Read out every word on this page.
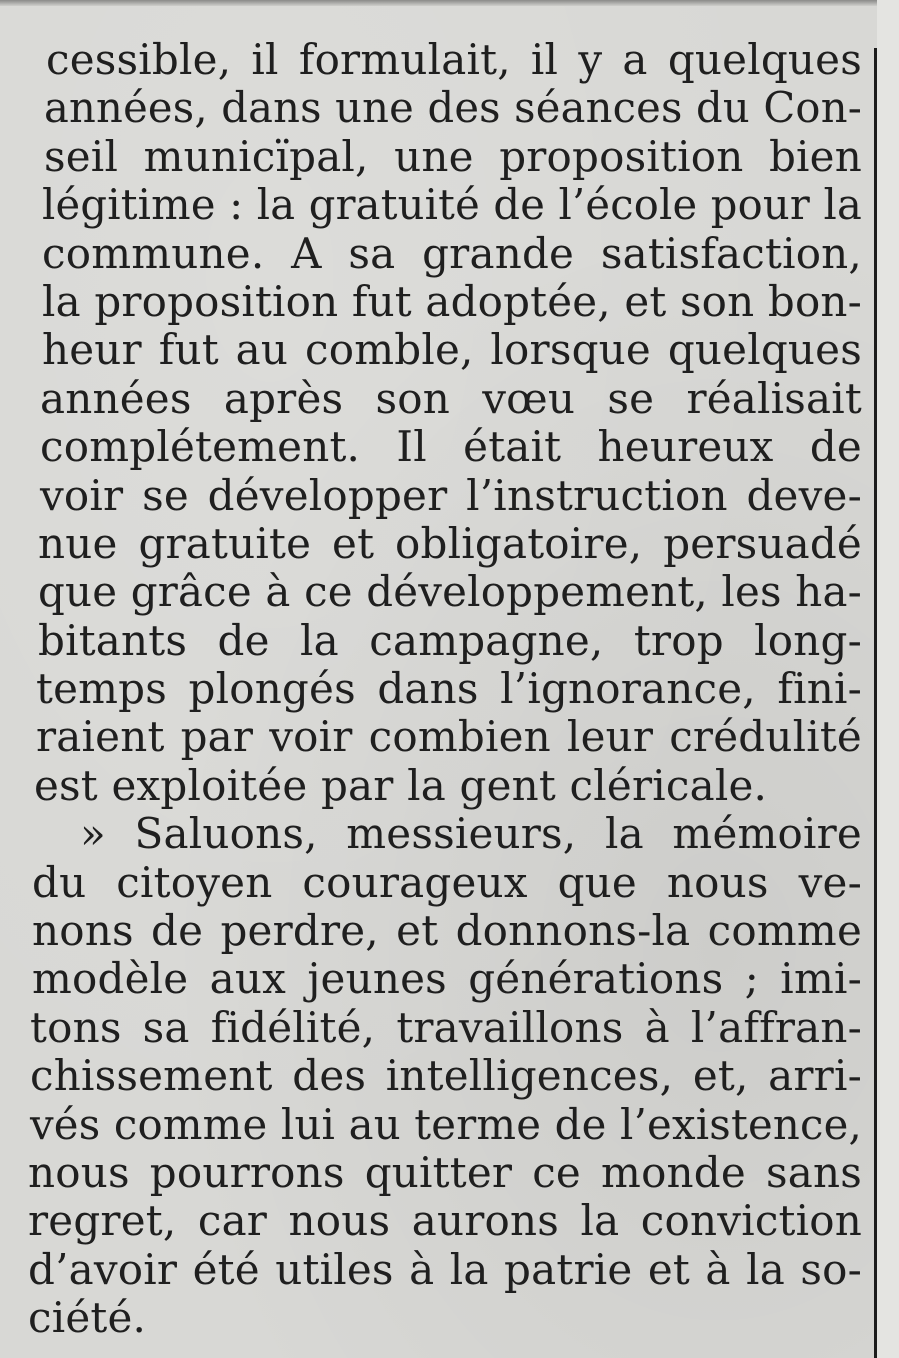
cessible, il formulait, il y a quelques
années, dans une des séances du Con-
seil municïpal, une proposition bien
légitime : la gratuité de l’école pour la
commune. A sa grande satisfaction,
la proposition fut adoptée, et son bon-
heur fut au comble, lorsque quelques
années après son vœu se réalisait
complétement. Il était heureux de
voir se développer l’instruction deve-
nue gratuite et obligatoire, persuadé
que grâce à ce développement, les ha-
bitants de la campagne, trop long-
temps plongés dans l’ignorance, fini-
raient par voir combien leur crédulité
est exploitée par la gent cléricale.
» Saluons, messieurs, la mémoire
du citoyen courageux que nous ve-
nons de perdre, et donnons-la comme
modèle aux jeunes générations ; imi-
tons sa fidélité, travaillons à l’affran-
chissement des intelligences, et, arri-
vés comme lui au terme de l’existence,
nous pourrons quitter ce monde sans
regret, car nous aurons la conviction
d’avoir été utiles à la patrie et à la so-
ciété.
